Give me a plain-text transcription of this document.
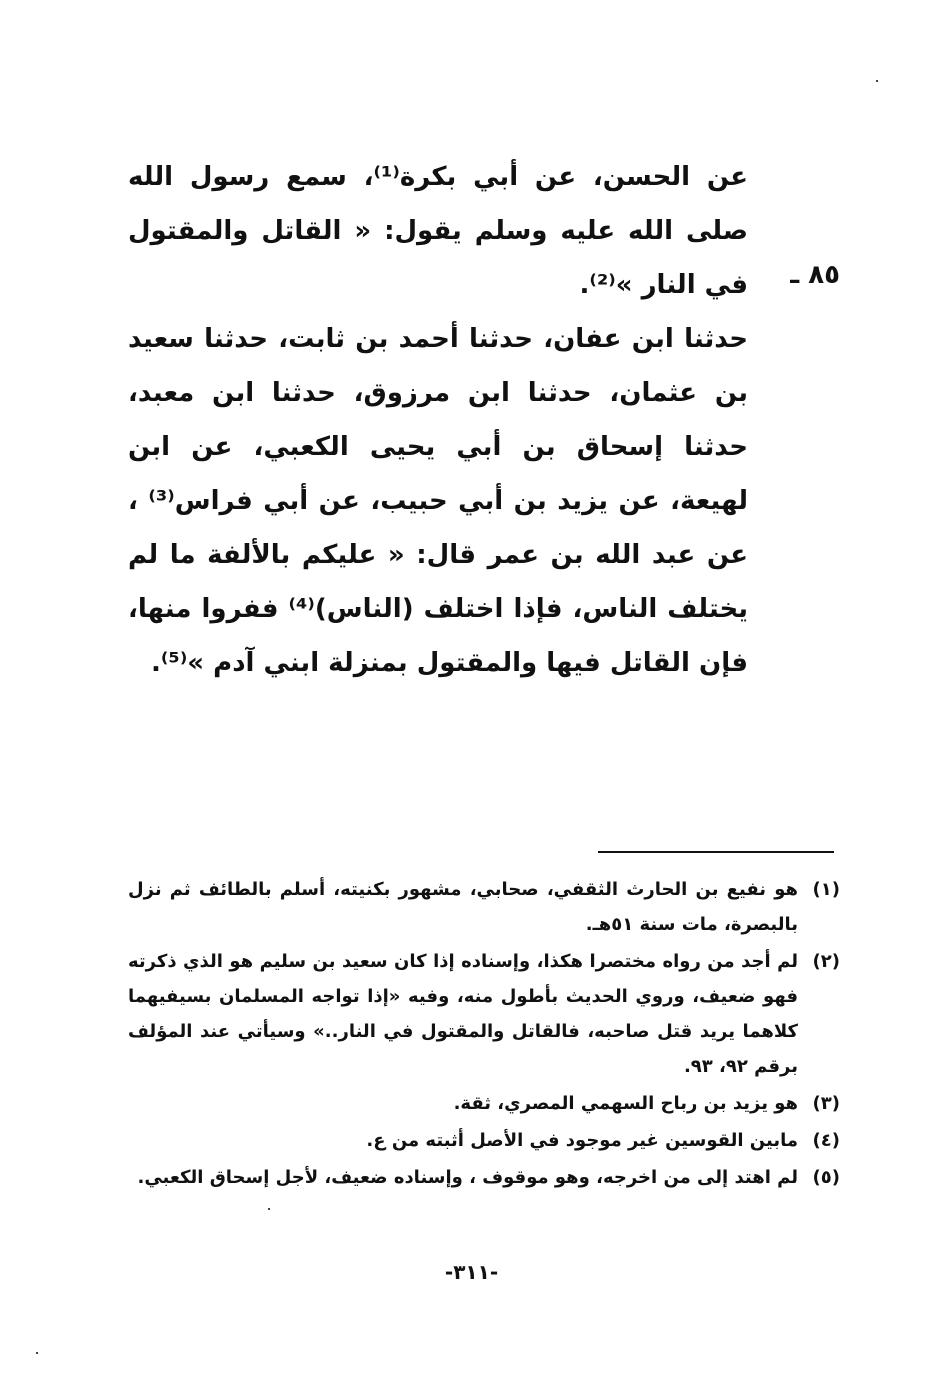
عن الحسن، عن أبي بكرة⁽¹⁾، سمع رسول الله صلى الله عليه وسلم يقول: « القاتل والمقتول في النار »⁽²⁾.

حدثنا ابن عفان، حدثنا أحمد بن ثابت، حدثنا سعيد بن عثمان، حدثنا ابن مرزوق، حدثنا ابن معبد، حدثنا إسحاق بن أبي يحيى الكعبي، عن ابن لهيعة، عن يزيد بن أبي حبيب، عن أبي فراس⁽³⁾ ، عن عبد الله بن عمر قال: « عليكم بالألفة ما لم يختلف الناس، فإذا اختلف (الناس)⁽⁴⁾ ففروا منها، فإن القاتل فيها والمقتول بمنزلة ابني آدم »⁽⁵⁾.

٨٥ ـ
(١)
هو نفيع بن الحارث الثقفي، صحابي، مشهور بكنيته، أسلم بالطائف ثم نزل بالبصرة، مات سنة ٥١هـ.
(٢)
لم أجد من رواه مختصرا هكذا، وإسناده إذا كان سعيد بن سليم هو الذي ذكرته فهو ضعيف، وروي الحديث بأطول منه، وفيه «إذا تواجه المسلمان بسيفيهما كلاهما يريد قتل صاحبه، فالقاتل والمقتول في النار..» وسيأتي عند المؤلف برقم ٩٢، ٩٣.
(٣)
هو يزيد بن رباح السهمي المصري، ثقة.
(٤)
مابين القوسين غير موجود في الأصل أثبته من ع.
(٥)
لم اهتد إلى من اخرجه، وهو موقوف ، وإسناده ضعيف، لأجل إسحاق الكعبي.
-٣١١-
